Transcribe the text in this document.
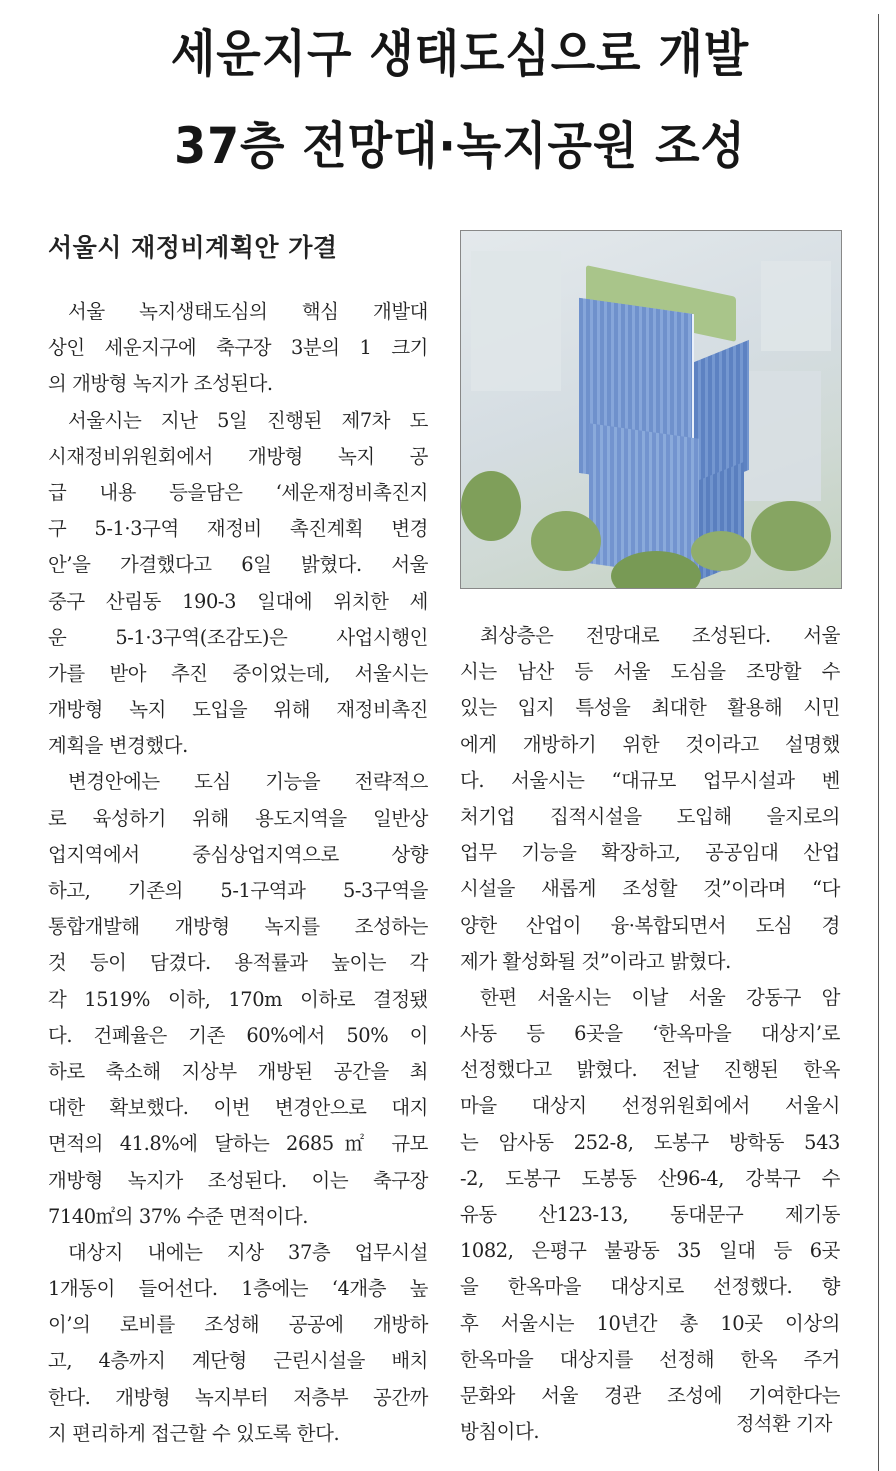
세운지구 생태도심으로 개발
37층 전망대·녹지공원 조성
서울시 재정비계획안 가결
서울 녹지생태도심의 핵심 개발대
상인 세운지구에 축구장 3분의 1 크기
의 개방형 녹지가 조성된다.
서울시는 지난 5일 진행된 제7차 도
시재정비위원회에서 개방형 녹지 공
급 내용 등을담은 ‘세운재정비촉진지
구 5-1·3구역 재정비 촉진계획 변경
안’을 가결했다고 6일 밝혔다. 서울
중구 산림동 190-3 일대에 위치한 세
운 5-1·3구역(조감도)은 사업시행인
가를 받아 추진 중이었는데, 서울시는
개방형 녹지 도입을 위해 재정비촉진
계획을 변경했다.
변경안에는 도심 기능을 전략적으
로 육성하기 위해 용도지역을 일반상
업지역에서 중심상업지역으로 상향
하고, 기존의 5-1구역과 5-3구역을
통합개발해 개방형 녹지를 조성하는
것 등이 담겼다. 용적률과 높이는 각
각 1519% 이하, 170m 이하로 결정됐
다. 건폐율은 기존 60%에서 50% 이
하로 축소해 지상부 개방된 공간을 최
대한 확보했다. 이번 변경안으로 대지
면적의 41.8%에 달하는 2685㎡ 규모
개방형 녹지가 조성된다. 이는 축구장
7140㎡의 37% 수준 면적이다.
대상지 내에는 지상 37층 업무시설
1개동이 들어선다. 1층에는 ‘4개층 높
이’의 로비를 조성해 공공에 개방하
고, 4층까지 계단형 근린시설을 배치
한다. 개방형 녹지부터 저층부 공간까
지 편리하게 접근할 수 있도록 한다.
최상층은 전망대로 조성된다. 서울
시는 남산 등 서울 도심을 조망할 수
있는 입지 특성을 최대한 활용해 시민
에게 개방하기 위한 것이라고 설명했
다. 서울시는 “대규모 업무시설과 벤
처기업 집적시설을 도입해 을지로의
업무 기능을 확장하고, 공공임대 산업
시설을 새롭게 조성할 것”이라며 “다
양한 산업이 융·복합되면서 도심 경
제가 활성화될 것”이라고 밝혔다.
한편 서울시는 이날 서울 강동구 암
사동 등 6곳을 ‘한옥마을 대상지’로
선정했다고 밝혔다. 전날 진행된 한옥
마을 대상지 선정위원회에서 서울시
는 암사동 252-8, 도봉구 방학동 543
-2, 도봉구 도봉동 산96-4, 강북구 수
유동 산123-13, 동대문구 제기동
1082, 은평구 불광동 35 일대 등 6곳
을 한옥마을 대상지로 선정했다. 향
후 서울시는 10년간 총 10곳 이상의
한옥마을 대상지를 선정해 한옥 주거
문화와 서울 경관 조성에 기여한다는
방침이다.	정석환 기자
